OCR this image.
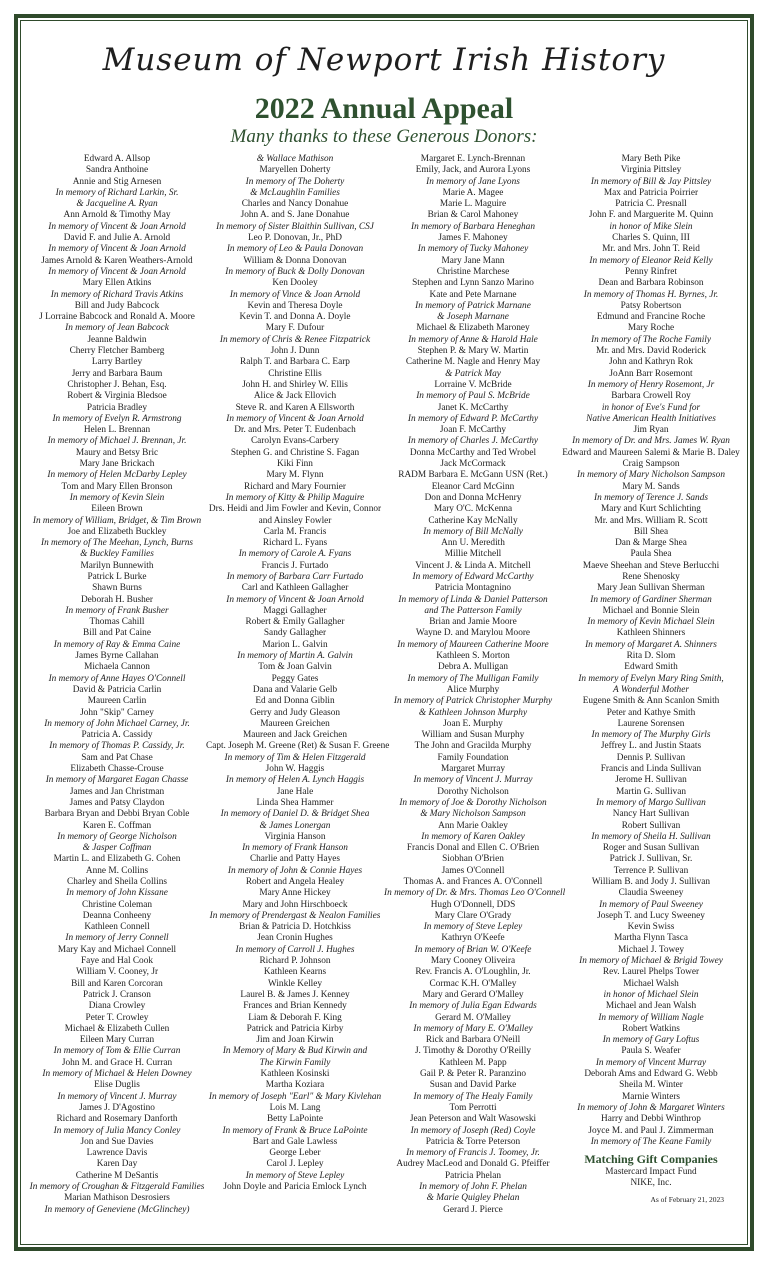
Museum of Newport Irish History
2022 Annual Appeal
Many thanks to these Generous Donors:
Edward A. Allsop
Sandra Anthoine
Annie and Stig Arnesen
In memory of Richard Larkin, Sr.
& Jacqueline A. Ryan
Ann Arnold & Timothy May
In memory of Vincent & Joan Arnold
David F. and Julie A. Arnold
In memory of Vincent & Joan Arnold
James Arnold & Karen Weathers-Arnold
In memory of Vincent & Joan Arnold
Mary Ellen Atkins
In memory of Richard Travis Atkins
Bill and Judy Babcock
J Lorraine Babcock and Ronald A. Moore
In memory of Jean Babcock
Jeanne Baldwin
Cherry Fletcher Bamberg
Larry Bartley
Jerry and Barbara Baum
Christopher J. Behan, Esq.
Robert & Virginia Bledsoe
Patricia Bradley
In memory of Evelyn R. Armstrong
Helen L. Brennan
In memory of Michael J. Brennan, Jr.
Maury and Betsy Bric
Mary Jane Brickach
In memory of Helen McDarby Lepley
Tom and Mary Ellen Bronson
In memory of Kevin Slein
Eileen Brown
In memory of William, Bridget, & Tim Brown
Joe and Elizabeth Buckley
In memory of The Meehan, Lynch, Burns
& Buckley Families
Marilyn Bunnewith
Patrick L Burke
Shawn Burns
Deborah H. Busher
In memory of Frank Busher
Thomas Cahill
Bill and Pat Caine
In memory of Ray & Emma Caine
James Byrne Callahan
Michaela Cannon
In memory of Anne Hayes O'Connell
David & Patricia Carlin
Maureen Carlin
John "Skip" Carney
In memory of John Michael Carney, Jr.
Patricia A. Cassidy
In memory of Thomas P. Cassidy, Jr.
Sam and Pat Chase
Elizabeth Chasse-Crouse
In memory of Margaret Eagan Chasse
James and Jan Christman
James and Patsy Claydon
Barbara Bryan and Debbi Bryan Coble
Karen E. Coffman
In memory of George Nicholson
& Jasper Coffman
Martin L. and Elizabeth G. Cohen
Anne M. Collins
Charley and Sheila Collins
In memory of John Kissane
Christine Coleman
Deanna Conheeny
Kathleen Connell
In memory of Jerry Connell
Mary Kay and Michael Connell
Faye and Hal Cook
William V. Cooney, Jr
Bill and Karen Corcoran
Patrick J. Cranson
Diana Crowley
Peter T. Crowley
Michael & Elizabeth Cullen
Eileen Mary Curran
In memory of Tom & Ellie Curran
John M. and Grace H. Curran
In memory of Michael & Helen Downey
Elise Duglis
In memory of Vincent J. Murray
James J. D'Agostino
Richard and Rosemary Danforth
In memory of Julia Mancy Conley
Jon and Sue Davies
Lawrence Davis
Karen Day
Catherine M DeSantis
In memory of Croughan & Fitzgerald Families
Marian Mathison Desrosiers
In memory of Geneviene (McGlinchey)
& Wallace Mathison
Maryellen Doherty
In memory of The Doherty
& McLaughlin Families
Charles and Nancy Donahue
John A. and S. Jane Donahue
In memory of Sister Blaithin Sullivan, CSJ
Leo P. Donovan, Jr., PhD
In memory of Leo & Paula Donovan
William & Donna Donovan
In memory of Buck & Dolly Donovan
Ken Dooley
In memory of Vince & Joan Arnold
Kevin and Theresa Doyle
Kevin T. and Donna A. Doyle
Mary F. Dufour
In memory of Chris & Renee Fitzpatrick
John J. Dunn
Ralph T. and Barbara C. Earp
Christine Ellis
John H. and Shirley W. Ellis
Alice & Jack Ellovich
Steve R. and Karen A Ellsworth
In memory of Vincent & Joan Arnold
Dr. and Mrs. Peter T. Eudenbach
Carolyn Evans-Carbery
Stephen G. and Christine S. Fagan
Kiki Finn
Mary M. Flynn
Richard and Mary Fournier
In memory of Kitty & Philip Maguire
Drs. Heidi and Jim Fowler and Kevin, Connor
and Ainsley Fowler
Carla M. Francis
Richard L. Fyans
In memory of Carole A. Fyans
Francis J. Furtado
In memory of Barbara Carr Furtado
Carl and Kathleen Gallagher
In memory of Vincent & Joan Arnold
Maggi Gallagher
Robert & Emily Gallagher
Sandy Gallagher
Marion L. Galvin
In memory of Martin A. Galvin
Tom & Joan Galvin
Peggy Gates
Dana and Valarie Gelb
Ed and Donna Giblin
Gerry and Judy Gleason
Maureen Greichen
Maureen and Jack Greichen
Capt. Joseph M. Greene (Ret) & Susan F. Greene
In memory of Tim & Helen Fitzgerald
John W. Haggis
In memory of Helen A. Lynch Haggis
Jane Hale
Linda Shea Hammer
In memory of Daniel D. & Bridget Shea
& James Lonergan
Virginia Hanson
In memory of Frank Hanson
Charlie and Patty Hayes
In memory of John & Connie Hayes
Robert and Angela Healey
Mary Anne Hickey
Mary and John Hirschboeck
In memory of Prendergast & Nealon Families
Brian & Patricia D. Hotchkiss
Jean Cronin Hughes
In memory of Carroll J. Hughes
Richard P. Johnson
Kathleen Kearns
Winkle Kelley
Laurel B. & James J. Kenney
Frances and Brian Kennedy
Liam & Deborah F. King
Patrick and Patricia Kirby
Jim and Joan Kirwin
In Memory of Mary & Bud Kirwin and
The Kirwin Family
Kathleen Kosinski
Martha Koziara
In memory of Joseph "Earl" & Mary Kivlehan
Lois M. Lang
Betty LaPointe
In memory of Frank & Bruce LaPointe
Bart and Gale Lawless
George Leber
Carol J. Lepley
In memory of Steve Lepley
John Doyle and Paricia Emlock Lynch
Margaret E. Lynch-Brennan
Emily, Jack, and Aurora Lyons
In memory of Jane Lyons
Marie A. Magee
Marie L. Maguire
Brian & Carol Mahoney
In memory of Barbara Heneghan
James F. Mahoney
In memory of Tucky Mahoney
Mary Jane Mann
Christine Marchese
Stephen and Lynn Sanzo Marino
Kate and Pete Marnane
In memory of Patrick Marnane
& Joseph Marnane
Michael & Elizabeth Maroney
In memory of Anne & Harold Hale
Stephen P. & Mary W. Martin
Catherine M. Nagle and Henry May
& Patrick May
Lorraine V. McBride
In memory of Paul S. McBride
Janet K. McCarthy
In memory of Edward P. McCarthy
Joan F. McCarthy
In memory of Charles J. McCarthy
Donna McCarthy and Ted Wrobel
Jack McCormack
RADM Barbara E. McGann USN (Ret.)
Eleanor Card McGinn
Don and Donna McHenry
Mary O'C. McKenna
Catherine Kay McNally
In memory of Bill McNally
Ann U. Meredith
Millie Mitchell
Vincent J. & Linda A. Mitchell
In memory of Edward McCarthy
Patricia Montagnino
In memory of Linda & Daniel Patterson
and The Patterson Family
Brian and Jamie Moore
Wayne D. and Marylou Moore
In memory of Maureen Catherine Moore
Kathleen S. Morton
Debra A. Mulligan
In memory of The Mulligan Family
Alice Murphy
In memory of Patrick Christopher Murphy
& Kathleen Johnson Murphy
Joan E. Murphy
William and Susan Murphy
The John and Gracilda Murphy
Family Foundation
Margaret Murray
In memory of Vincent J. Murray
Dorothy Nicholson
In memory of Joe & Dorothy Nicholson
& Mary Nicholson Sampson
Ann Marie Oakley
In memory of Karen Oakley
Francis Donal and Ellen C. O'Brien
Siobhan O'Brien
James O'Connell
Thomas A. and Frances A. O'Connell
In memory of Dr. & Mrs. Thomas Leo O'Connell
Hugh O'Donnell, DDS
Mary Clare O'Grady
In memory of Steve Lepley
Kathryn O'Keefe
In memory of Brian W. O'Keefe
Mary Cooney Oliveira
Rev. Francis A. O'Loughlin, Jr.
Cormac K.H. O'Malley
Mary and Gerard O'Malley
In memory of Julia Egan Edwards
Gerard M. O'Malley
In memory of Mary E. O'Malley
Rick and Barbara O'Neill
J. Timothy & Dorothy O'Reilly
Kathleen M. Papp
Gail P. & Peter R. Paranzino
Susan and David Parke
In memory of The Healy Family
Tom Perrotti
Jean Peterson and Walt Wasowski
In memory of Joseph (Red) Coyle
Patricia & Torre Peterson
In memory of Francis J. Toomey, Jr.
Audrey MacLeod and Donald G. Pfeiffer
Patricia Phelan
In memory of John F. Phelan
& Marie Quigley Phelan
Gerard J. Pierce
Mary Beth Pike
Virginia Pittsley
In memory of Bill & Jay Pittsley
Max and Patricia Poirrier
Patricia C. Presnall
John F. and Marguerite M. Quinn
in honor of Mike Slein
Charles S. Quinn, III
Mr. and Mrs. John T. Reid
In memory of Eleanor Reid Kelly
Penny Rinfret
Dean and Barbara Robinson
In memory of Thomas H. Byrnes, Jr.
Patsy Robertson
Edmund and Francine Roche
Mary Roche
In memory of The Roche Family
Mr. and Mrs. David Roderick
John and Kathryn Rok
JoAnn Barr Rosemont
In memory of Henry Rosemont, Jr
Barbara Crowell Roy
in honor of Eve's Fund for
Native American Health Initiatives
Jim Ryan
In memory of Dr. and Mrs. James W. Ryan
Edward and Maureen Salemi & Marie B. Daley
Craig Sampson
In memory of Mary Nicholson Sampson
Mary M. Sands
In memory of Terence J. Sands
Mary and Kurt Schlichting
Mr. and Mrs. William R. Scott
Bill Shea
Dan & Marge Shea
Paula Shea
Maeve Sheehan and Steve Berlucchi
Rene Shenosky
Mary Jean Sullivan Sherman
In memory of Gardiner Sherman
Michael and Bonnie Slein
In memory of Kevin Michael Slein
Kathleen Shinners
In memory of Margaret A. Shinners
Rita D. Slom
Edward Smith
In memory of Evelyn Mary Ring Smith,
A Wonderful Mother
Eugene Smith & Ann Scanlon Smith
Peter and Kathye Smith
Laurene Sorensen
In memory of The Murphy Girls
Jeffrey L. and Justin Staats
Dennis P. Sullivan
Francis and Linda Sullivan
Jerome H. Sullivan
Martin G. Sullivan
In memory of Margo Sullivan
Nancy Hart Sullivan
Robert Sullivan
In memory of Sheila H. Sullivan
Roger and Susan Sullivan
Patrick J. Sullivan, Sr.
Terrence P. Sullivan
William B. and Jody J. Sullivan
Claudia Sweeney
In memory of Paul Sweeney
Joseph T. and Lucy Sweeney
Kevin Swiss
Martha Flynn Tasca
Michael J. Towey
In memory of Michael & Brigid Towey
Rev. Laurel Phelps Tower
Michael Walsh
in honor of Michael Slein
Michael and Jean Walsh
In memory of William Nagle
Robert Watkins
In memory of Gary Loftus
Paula S. Weafer
In memory of Vincent Murray
Deborah Ams and Edward G. Webb
Sheila M. Winter
Marnie Winters
In memory of John & Margaret Winters
Harry and Debbi Winthrop
Joyce M. and Paul J. Zimmerman
In memory of The Keane Family
Matching Gift Companies
Mastercard Impact Fund
NIKE, Inc.
As of February 21, 2023
